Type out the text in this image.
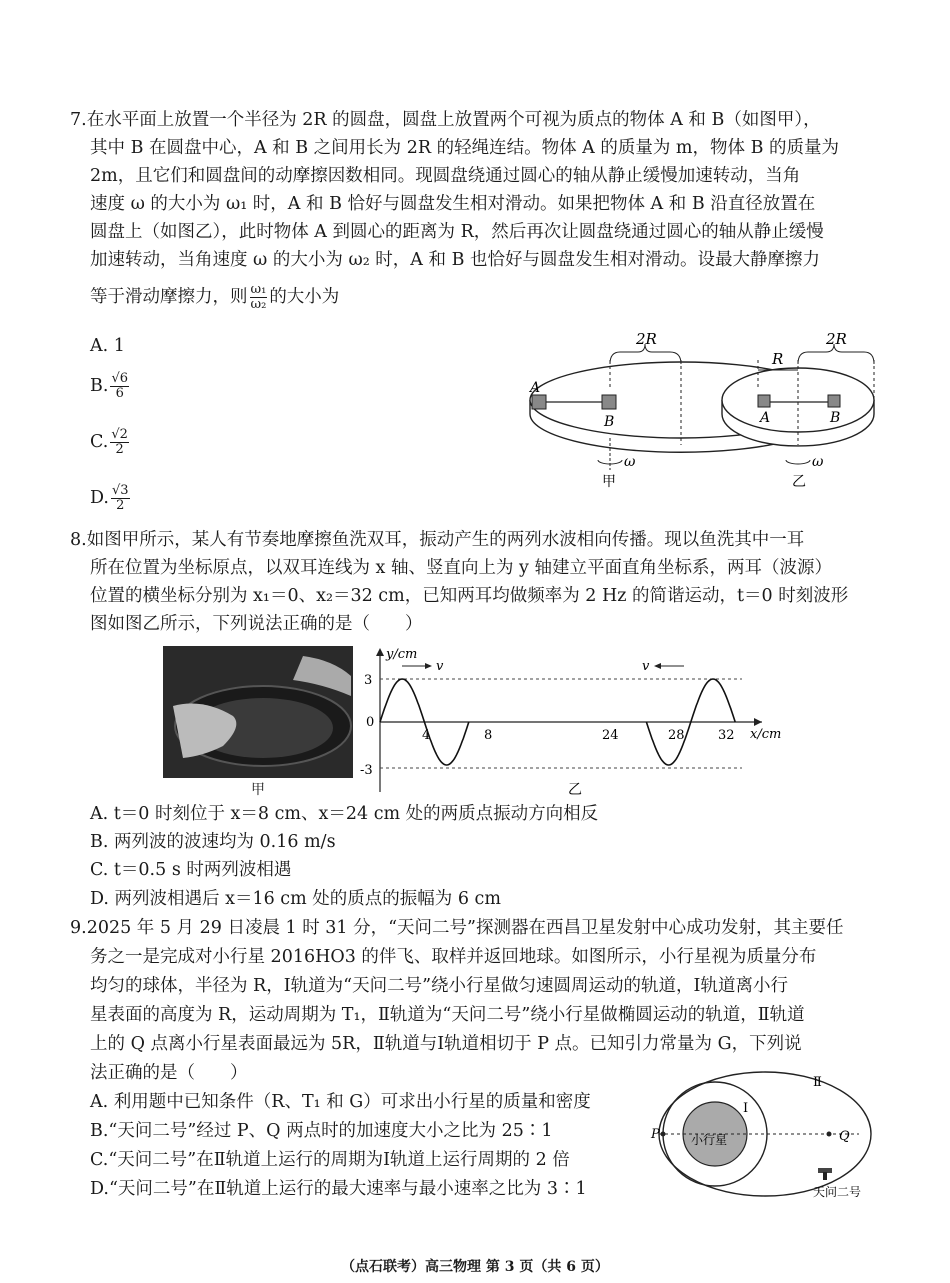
7.在水平面上放置一个半径为 2R 的圆盘，圆盘上放置两个可视为质点的物体 A 和 B（如图甲），
其中 B 在圆盘中心，A 和 B 之间用长为 2R 的轻绳连结。物体 A 的质量为 m，物体 B 的质量为
2m，且它们和圆盘间的动摩擦因数相同。现圆盘绕通过圆心的轴从静止缓慢加速转动，当角
速度 ω 的大小为 ω₁ 时，A 和 B 恰好与圆盘发生相对滑动。如果把物体 A 和 B 沿直径放置在
圆盘上（如图乙），此时物体 A 到圆心的距离为 R，然后再次让圆盘绕通过圆心的轴从静止缓慢
加速转动，当角速度 ω 的大小为 ω₂ 时，A 和 B 也恰好与圆盘发生相对滑动。设最大静摩擦力
等于滑动摩擦力，则 $\frac{\text{ω₁}}{\text{ω₂}}$ 的大小为
A. 1
B. $\frac{√6}{6}$
C. $\frac{√2}{2}$
D. $\frac{√3}{2}$
2R
A
B
ω
甲
R
2R
A	B
ω
乙
8.如图甲所示，某人有节奏地摩擦鱼洗双耳，振动产生的两列水波相向传播。现以鱼洗其中一耳
所在位置为坐标原点，以双耳连线为 x 轴、竖直向上为 y 轴建立平面直角坐标系，两耳（波源）
位置的横坐标分别为 x₁＝0、x₂＝32 cm，已知两耳均做频率为 2 Hz 的简谐运动，t＝0 时刻波形
图如图乙所示，下列说法正确的是（　　）
甲
y/cm
x/cm
3
0
-3
4	8	24	28	32
v	v
乙
A. t＝0 时刻位于 x＝8 cm、x＝24 cm 处的两质点振动方向相反
B. 两列波的波速均为 0.16 m/s
C. t＝0.5 s 时两列波相遇
D. 两列波相遇后 x＝16 cm 处的质点的振幅为 6 cm
9.2025 年 5 月 29 日凌晨 1 时 31 分，“天问二号”探测器在西昌卫星发射中心成功发射，其主要任
务之一是完成对小行星 2016HO3 的伴飞、取样并返回地球。如图所示，小行星视为质量分布
均匀的球体，半径为 R，Ⅰ轨道为“天问二号”绕小行星做匀速圆周运动的轨道，Ⅰ轨道离小行
星表面的高度为 R，运动周期为 T₁，Ⅱ轨道为“天问二号”绕小行星做椭圆运动的轨道，Ⅱ轨道
上的 Q 点离小行星表面最远为 5R，Ⅱ轨道与Ⅰ轨道相切于 P 点。已知引力常量为 G，下列说
法正确的是（　　）
A. 利用题中已知条件（R、T₁ 和 G）可求出小行星的质量和密度
B.“天问二号”经过 P、Q 两点时的加速度大小之比为 25∶1
C.“天问二号”在Ⅱ轨道上运行的周期为Ⅰ轨道上运行周期的 2 倍
D.“天问二号”在Ⅱ轨道上运行的最大速率与最小速率之比为 3∶1
P	Q
小行星
Ⅰ
Ⅱ
天问二号
（点石联考）高三物理 第 3 页（共 6 页）
